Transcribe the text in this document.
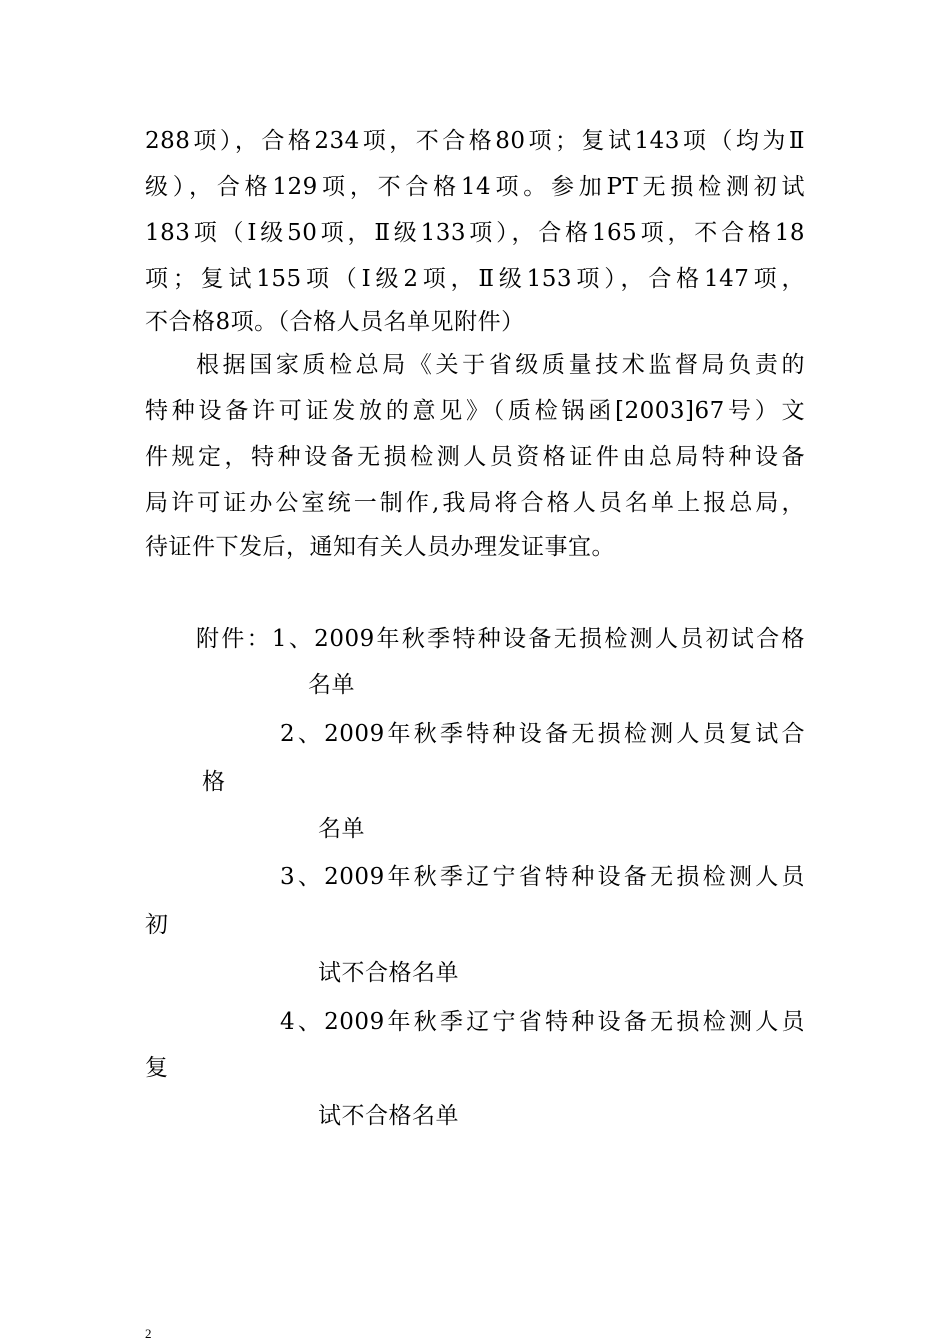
288项），合格234项，不合格80项；复试143项（均为Ⅱ
级），合格129项，不合格14项。参加PT无损检测初试
183项（Ⅰ级50项，Ⅱ级133项），合格165项，不合格18
项；复试155项（Ⅰ级2项，Ⅱ级153项），合格147项，
不合格8项。（合格人员名单见附件）
根据国家质检总局《关于省级质量技术监督局负责的
特种设备许可证发放的意见》（质检锅函[2003]67号）文
件规定，特种设备无损检测人员资格证件由总局特种设备
局许可证办公室统一制作,我局将合格人员名单上报总局，
待证件下发后，通知有关人员办理发证事宜。
附件：1、2009年秋季特种设备无损检测人员初试合格
名单
2、2009年秋季特种设备无损检测人员复试合
格
名单
3、2009年秋季辽宁省特种设备无损检测人员
初
试不合格名单
4、2009年秋季辽宁省特种设备无损检测人员
复
试不合格名单
2
